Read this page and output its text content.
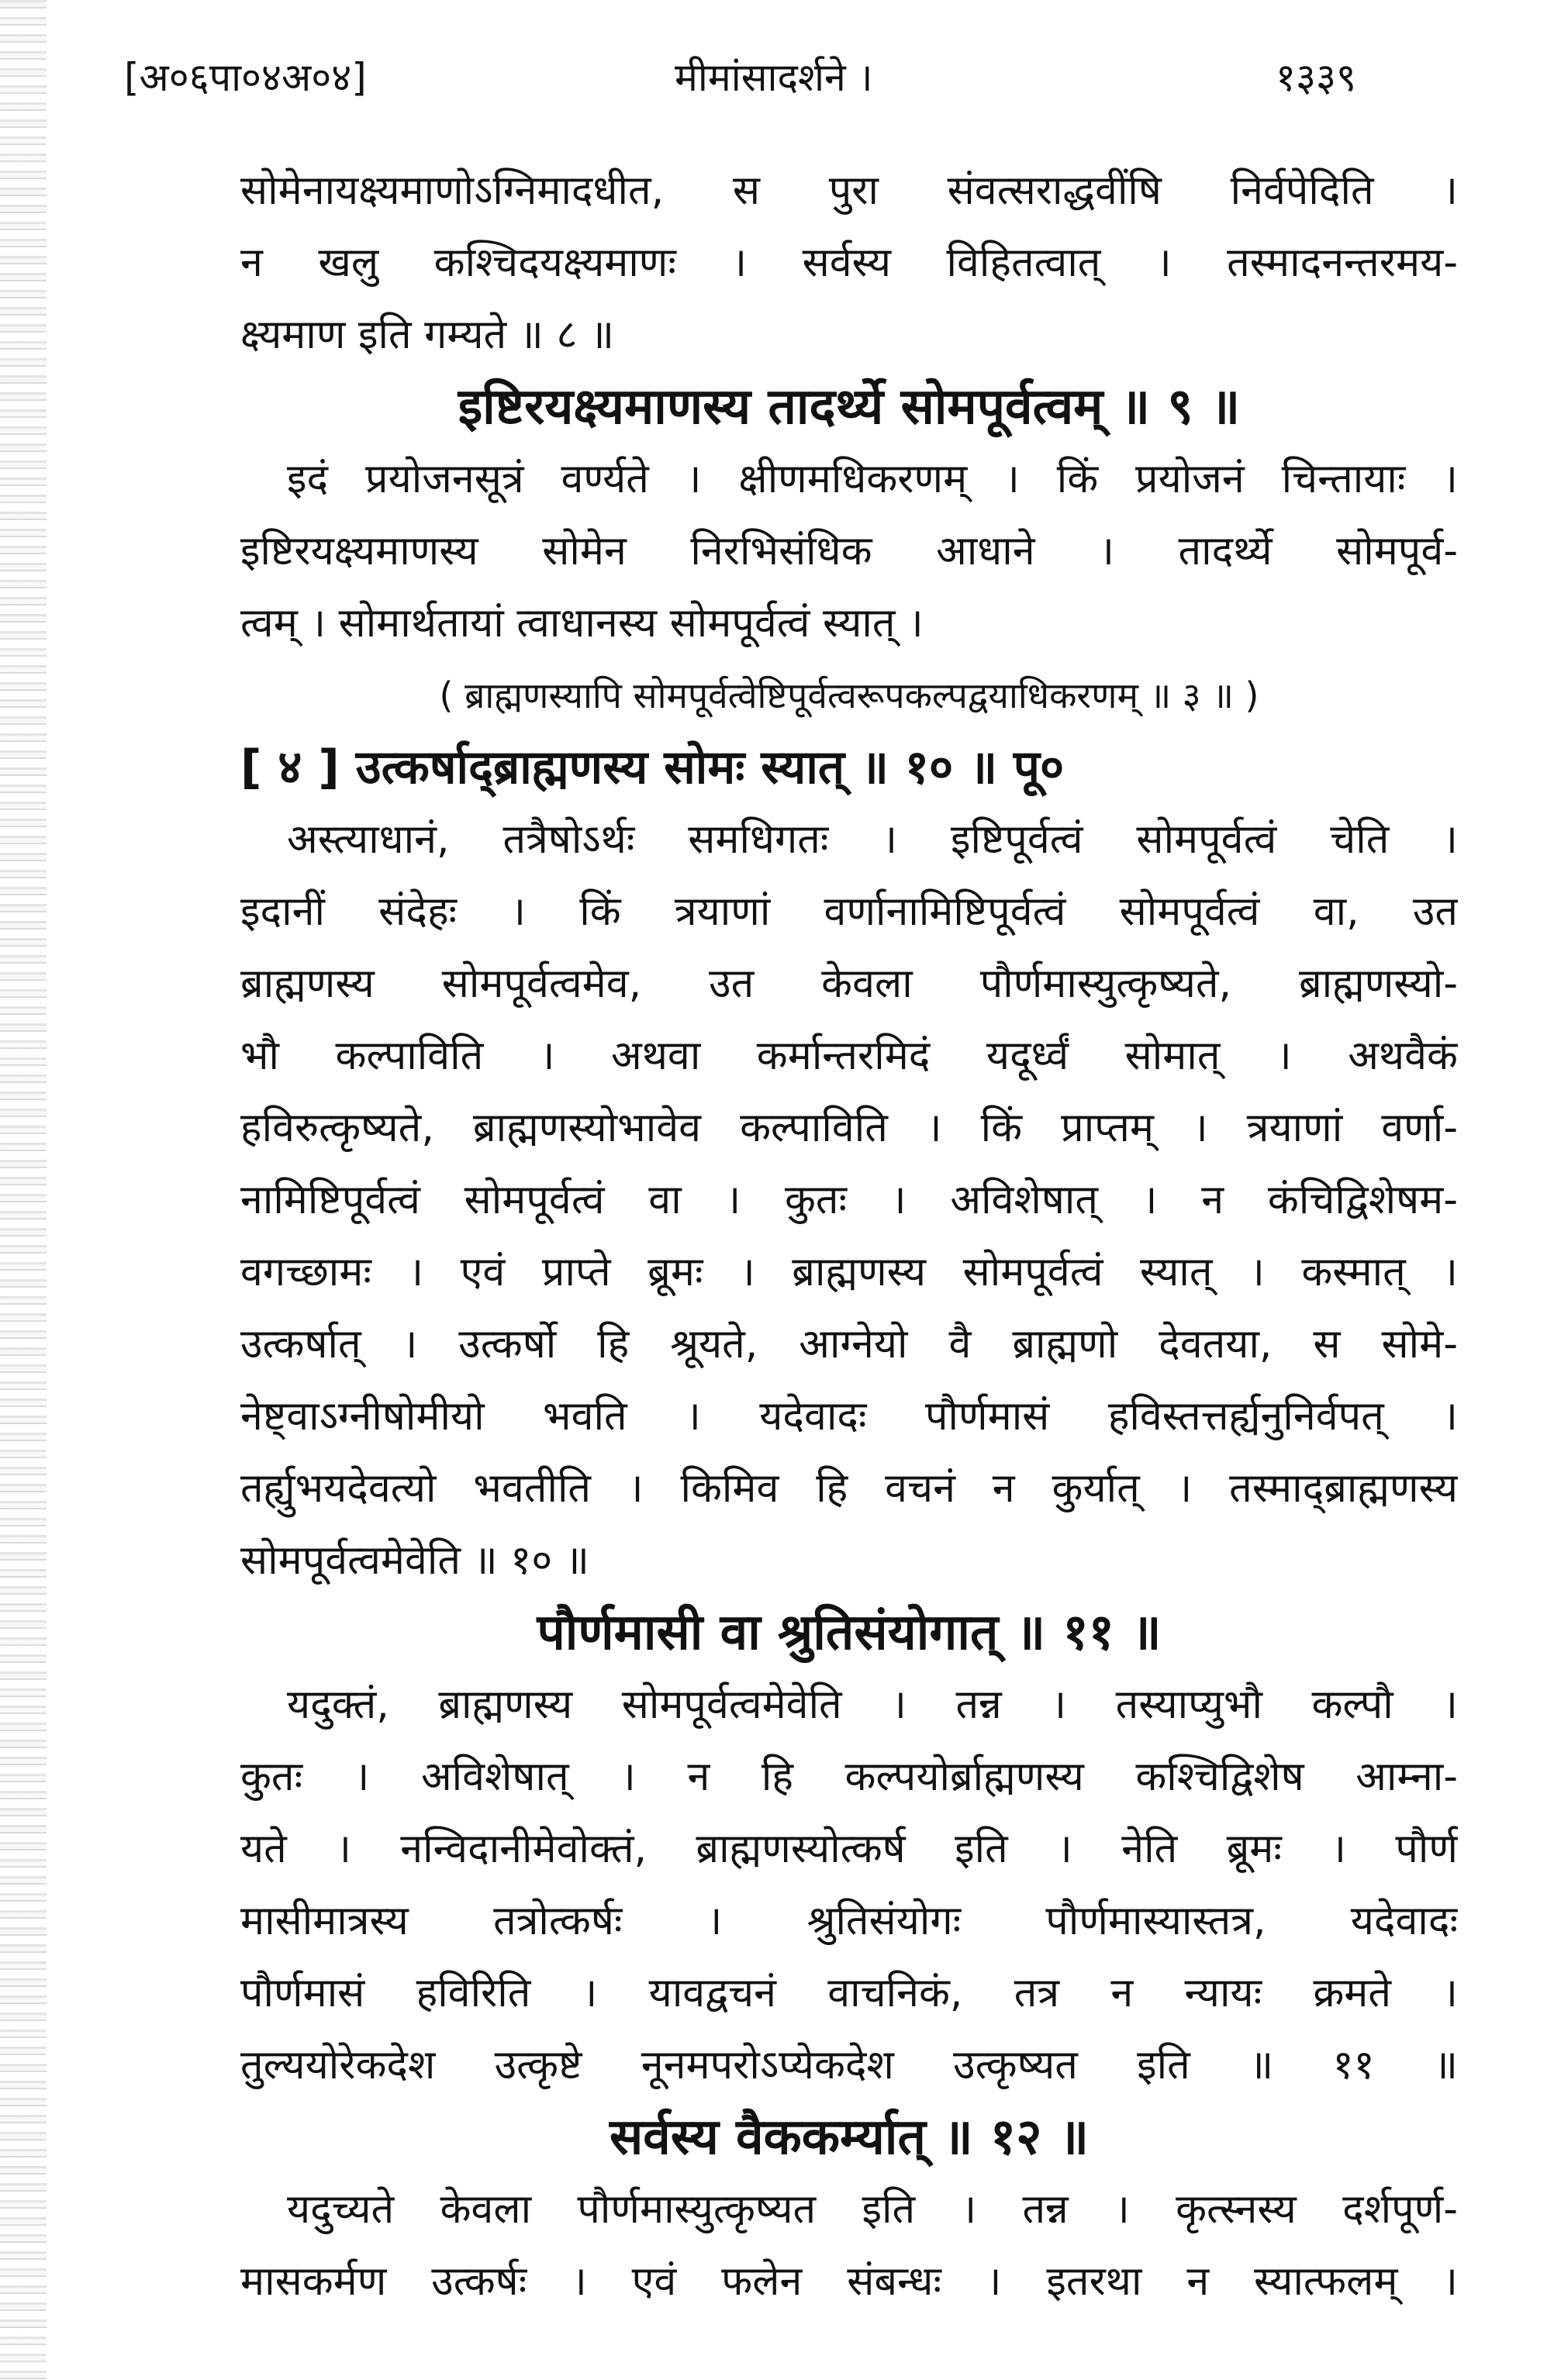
[अ०६पा०४अ०४]	मीमांसादर्शने ।	१३३९
सोमेनायक्ष्यमाणोऽग्निमादधीत, स पुरा संवत्सराद्धवींषि निर्वपेदिति ।
न खलु कश्चिदयक्ष्यमाणः । सर्वस्य विहितत्वात् । तस्मादनन्तरमय-
क्ष्यमाण इति गम्यते ॥ ८ ॥
इष्टिरयक्ष्यमाणस्य तादर्थ्ये सोमपूर्वत्वम् ॥ ९ ॥
इदं प्रयोजनसूत्रं वर्ण्यते । क्षीणमधिकरणम् । किं प्रयोजनं चिन्तायाः ।
इष्टिरयक्ष्यमाणस्य सोमेन निरभिसंधिक आधाने । तादर्थ्ये सोमपूर्व-
त्वम् । सोमार्थतायां त्वाधानस्य सोमपूर्वत्वं स्यात् ।
( ब्राह्मणस्यापि सोमपूर्वत्वेष्टिपूर्वत्वरूपकल्पद्वयाधिकरणम् ॥ ३ ॥ )
[ ४ ] उत्कर्षाद्ब्राह्मणस्य सोमः स्यात् ॥ १० ॥ पू०
अस्त्याधानं, तत्रैषोऽर्थः समधिगतः । इष्टिपूर्वत्वं सोमपूर्वत्वं चेति ।
इदानीं संदेहः । किं त्रयाणां वर्णानामिष्टिपूर्वत्वं सोमपूर्वत्वं वा, उत
ब्राह्मणस्य सोमपूर्वत्वमेव, उत केवला पौर्णमास्युत्कृष्यते, ब्राह्मणस्यो-
भौ कल्पाविति । अथवा कर्मान्तरमिदं यदूर्ध्वं सोमात् । अथवैकं
हविरुत्कृष्यते, ब्राह्मणस्योभावेव कल्पाविति । किं प्राप्तम् । त्रयाणां वर्णा-
नामिष्टिपूर्वत्वं सोमपूर्वत्वं वा । कुतः । अविशेषात् । न कंचिद्विशेषम-
वगच्छामः । एवं प्राप्ते ब्रूमः । ब्राह्मणस्य सोमपूर्वत्वं स्यात् । कस्मात् ।
उत्कर्षात् । उत्कर्षो हि श्रूयते, आग्नेयो वै ब्राह्मणो देवतया, स सोमे-
नेष्ट्वाऽग्नीषोमीयो भवति । यदेवादः पौर्णमासं हविस्तत्तर्ह्यनुनिर्वपत् ।
तर्ह्युभयदेवत्यो भवतीति । किमिव हि वचनं न कुर्यात् । तस्माद्ब्राह्मणस्य
सोमपूर्वत्वमेवेति ॥ १० ॥
पौर्णमासी वा श्रुतिसंयोगात् ॥ ११ ॥
यदुक्तं, ब्राह्मणस्य सोमपूर्वत्वमेवेति । तन्न । तस्याप्युभौ कल्पौ ।
कुतः । अविशेषात् । न हि कल्पयोर्ब्राह्मणस्य कश्चिद्विशेष आम्ना-
यते । नन्विदानीमेवोक्तं, ब्राह्मणस्योत्कर्ष इति । नेति ब्रूमः । पौर्ण
मासीमात्रस्य तत्रोत्कर्षः । श्रुतिसंयोगः पौर्णमास्यास्तत्र, यदेवादः
पौर्णमासं हविरिति । यावद्वचनं वाचनिकं, तत्र न न्यायः क्रमते ।
तुल्ययोरेकदेश उत्कृष्टे नूनमपरोऽप्येकदेश उत्कृष्यत इति ॥ ११ ॥
सर्वस्य वैककर्म्यात् ॥ १२ ॥
यदुच्यते केवला पौर्णमास्युत्कृष्यत इति । तन्न । कृत्स्नस्य दर्शपूर्ण-
मासकर्मण उत्कर्षः । एवं फलेन संबन्धः । इतरथा न स्यात्फलम् ।
